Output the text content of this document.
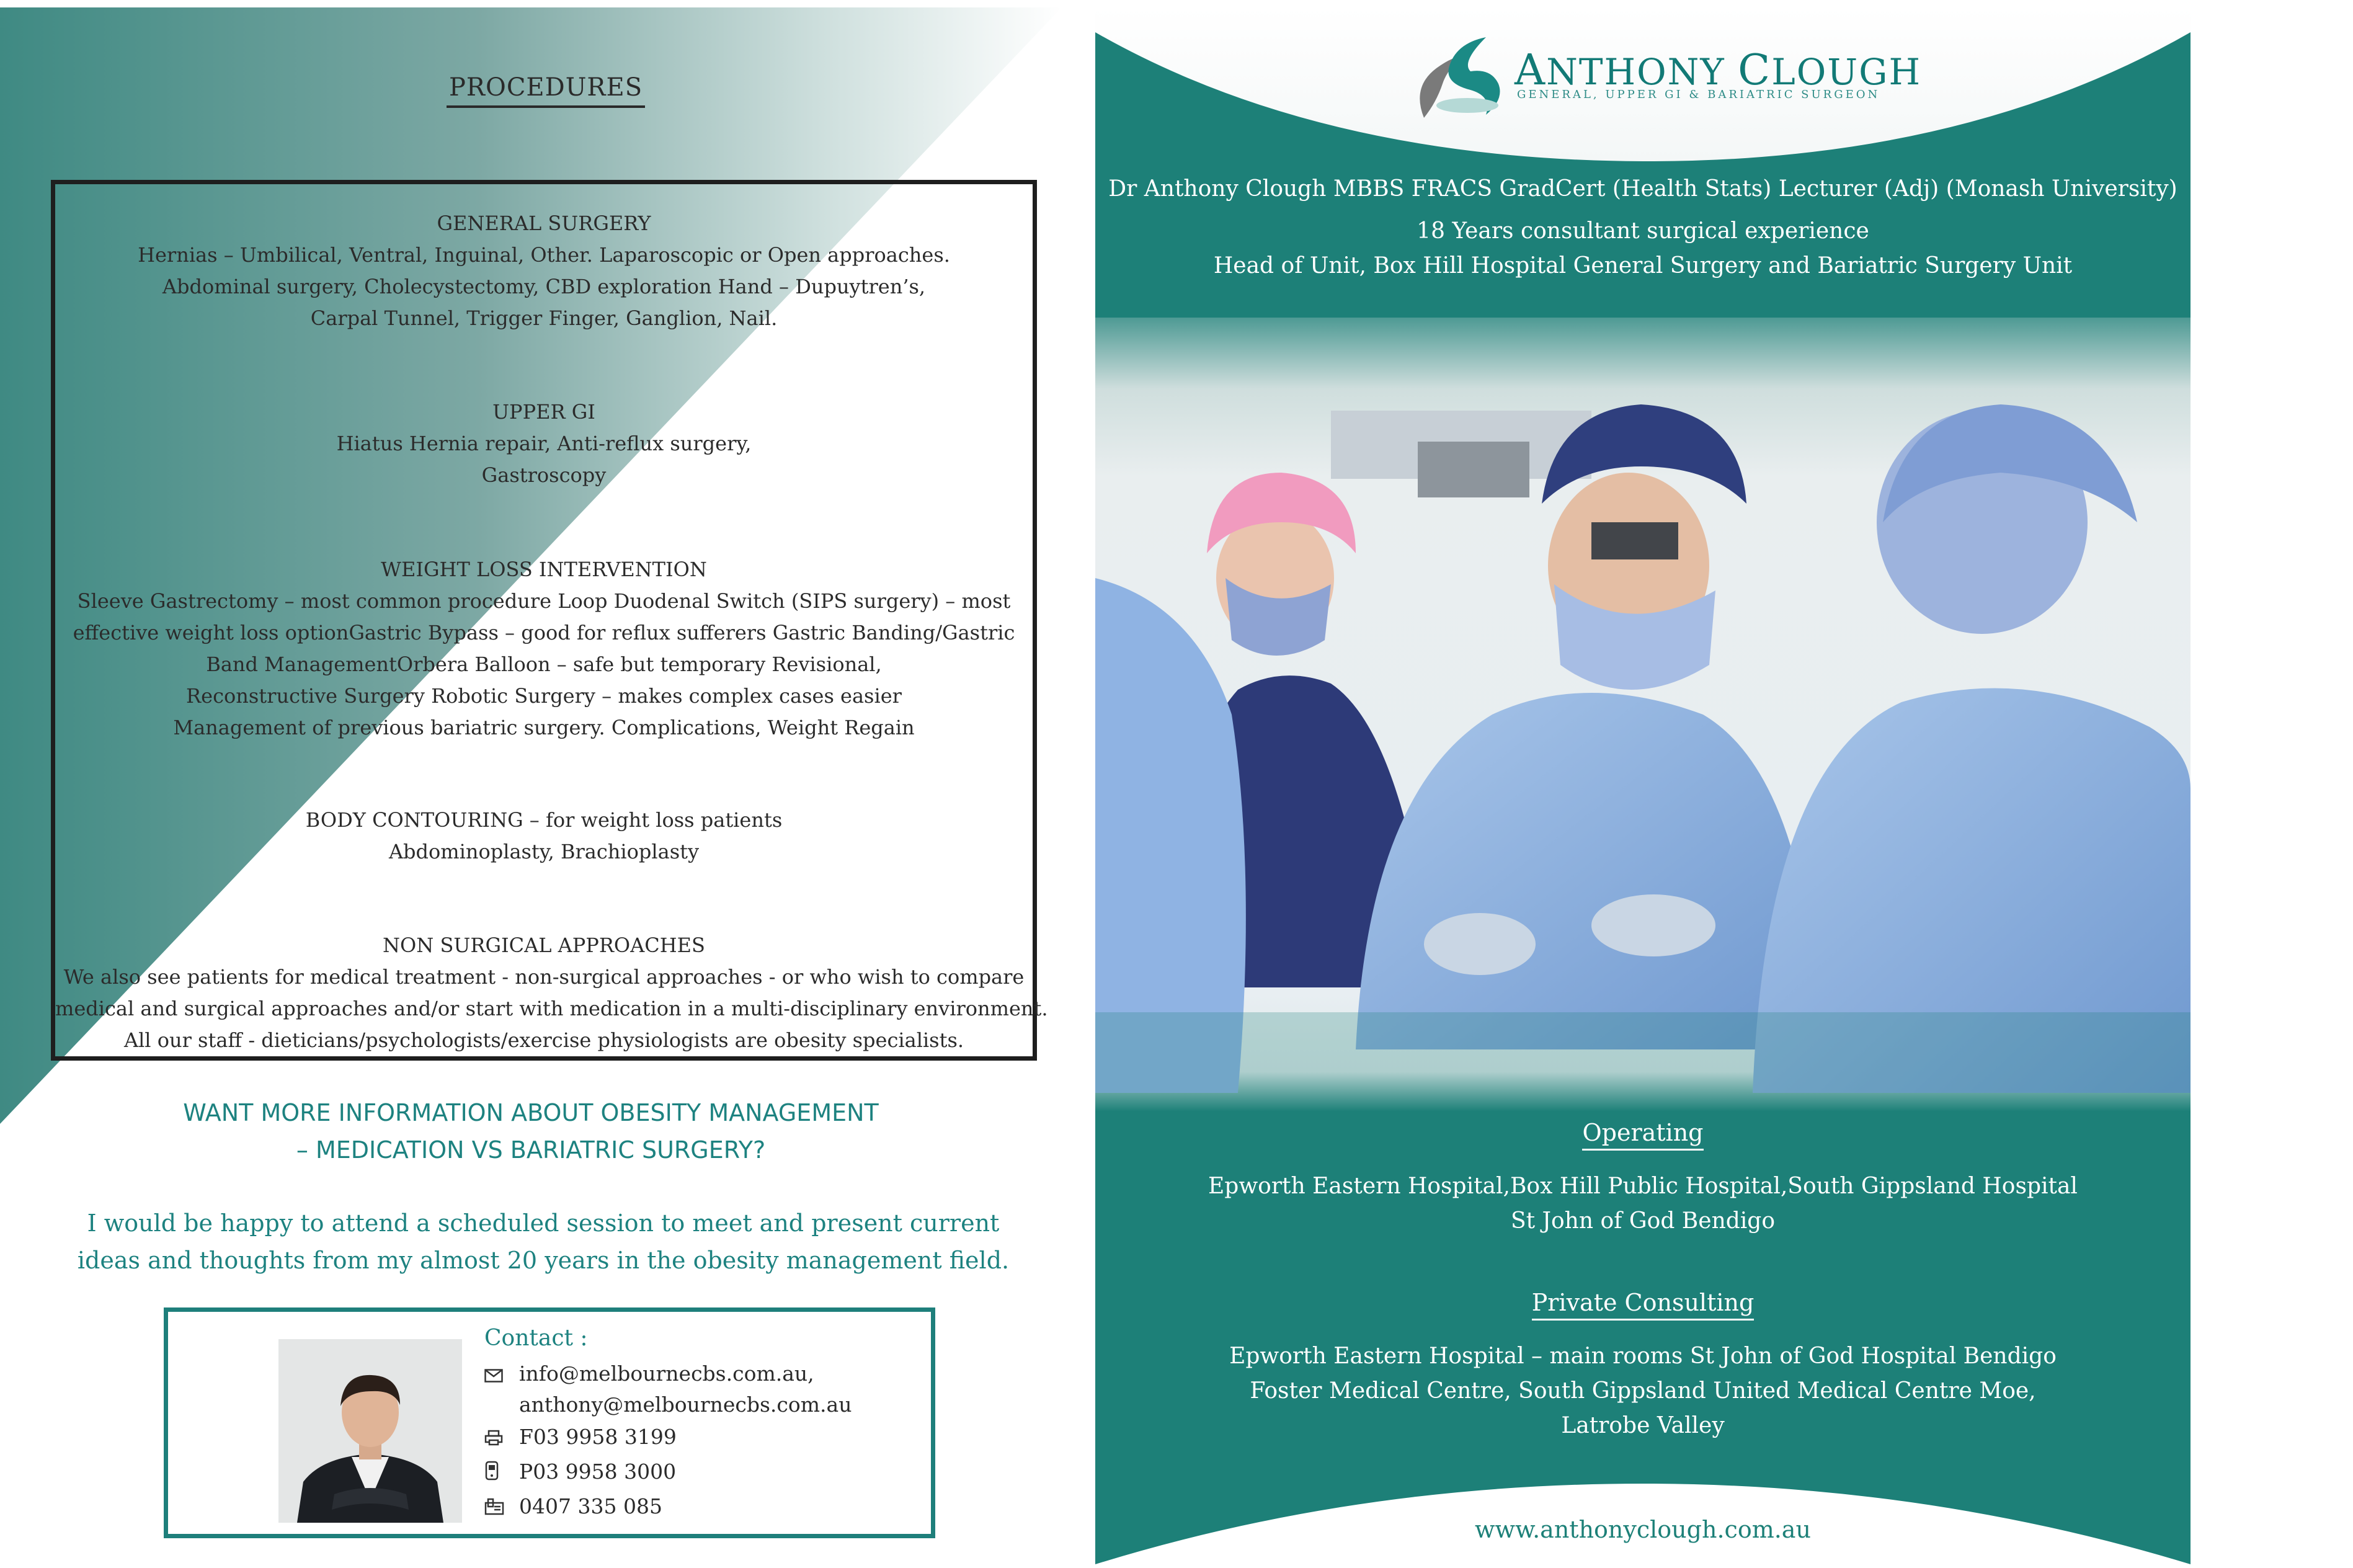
PROCEDURES
GENERAL SURGERY
Hernias – Umbilical, Ventral, Inguinal, Other. Laparoscopic or Open approaches.
Abdominal surgery, Cholecystectomy, CBD exploration Hand – Dupuytren’s,
Carpal Tunnel, Trigger Finger, Ganglion, Nail.
UPPER GI
Hiatus Hernia repair, Anti-reflux surgery,
Gastroscopy
WEIGHT LOSS INTERVENTION
Sleeve Gastrectomy – most common procedure Loop Duodenal Switch (SIPS surgery) – most
effective weight loss optionGastric Bypass – good for reflux sufferers Gastric Banding/Gastric
Band ManagementOrbera Balloon – safe but temporary Revisional,
Reconstructive Surgery Robotic Surgery – makes complex cases easier
Management of previous bariatric surgery. Complications, Weight Regain
BODY CONTOURING – for weight loss patients
Abdominoplasty, Brachioplasty
NON SURGICAL APPROACHES
We also see patients for medical treatment - non-surgical approaches - or who wish to compare
medical and surgical approaches and/or start with medication in a multi-disciplinary environment.
All our staff - dieticians/psychologists/exercise physiologists are obesity specialists.
WANT MORE INFORMATION ABOUT OBESITY MANAGEMENT
– MEDICATION VS BARIATRIC SURGERY?
I would be happy to attend a scheduled session to meet and present current
ideas and thoughts from my almost 20 years in the obesity management field.
Contact :
info@melbournecbs.com.au,
anthony@melbournecbs.com.au
F03 9958 3199
P03 9958 3000
0407 335 085
ANTHONY CLOUGH
GENERAL, UPPER GI & BARIATRIC SURGEON
Dr Anthony Clough MBBS FRACS GradCert (Health Stats) Lecturer (Adj) (Monash University)
18 Years consultant surgical experience
Head of Unit, Box Hill Hospital General Surgery and Bariatric Surgery Unit
Operating
Epworth Eastern Hospital,Box Hill Public Hospital,South Gippsland Hospital
St John of God Bendigo
Private Consulting
Epworth Eastern Hospital – main rooms St John of God Hospital Bendigo
Foster Medical Centre, South Gippsland United Medical Centre Moe,
Latrobe Valley
www.anthonyclough.com.au
